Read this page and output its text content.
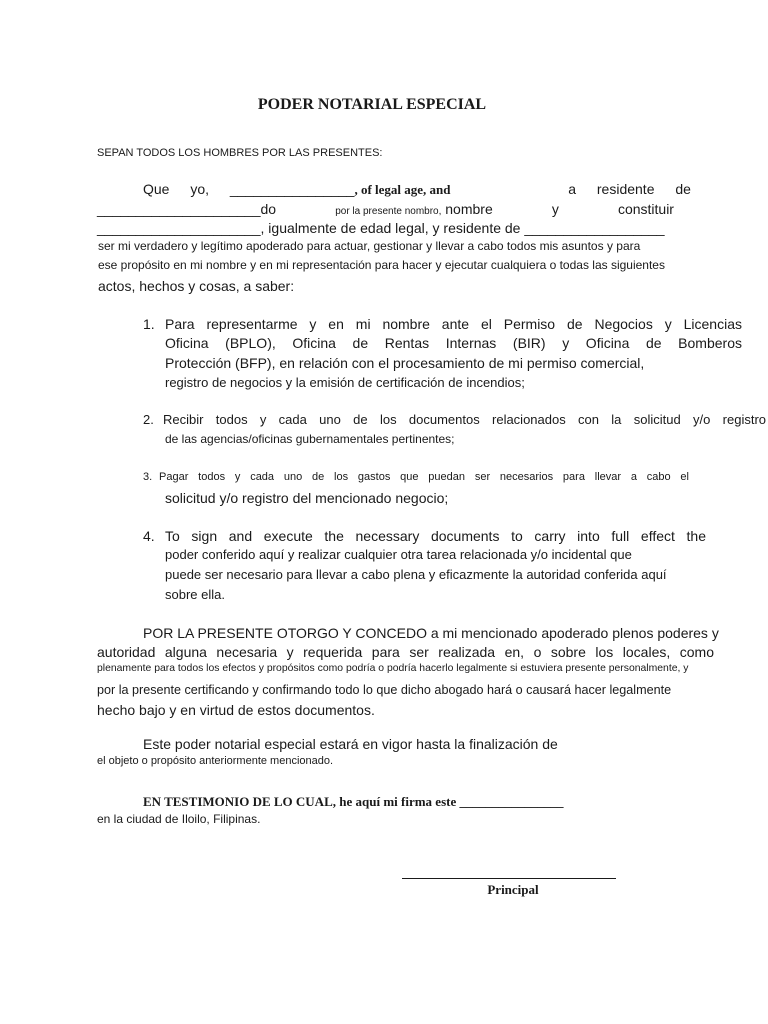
PODER NOTARIAL ESPECIAL
SEPAN TODOS LOS HOMBRES POR LAS PRESENTES:
Que yo, ________________, of legal age, and	a residente de
_____________________do	por la presente nombro, nombre	y	constituir
_____________________, igualmente de edad legal, y residente de __________________
ser mi verdadero y legítimo apoderado para actuar, gestionar y llevar a cabo todos mis asuntos y para
ese propósito en mi nombre y en mi representación para hacer y ejecutar cualquiera o todas las siguientes
actos, hechos y cosas, a saber:
1. Para representarme y en mi nombre ante el Permiso de Negocios y Licencias
Oficina (BPLO), Oficina de Rentas Internas (BIR) y Oficina de Bomberos
Protección (BFP), en relación con el procesamiento de mi permiso comercial,
registro de negocios y la emisión de certificación de incendios;
2. Recibir todos y cada uno de los documentos relacionados con la solicitud y/o registro
de las agencias/oficinas gubernamentales pertinentes;
3. Pagar todos y cada uno de los gastos que puedan ser necesarios para llevar a cabo el
solicitud y/o registro del mencionado negocio;
4. To sign and execute the necessary documents to carry into full effect the
poder conferido aquí y realizar cualquier otra tarea relacionada y/o incidental que
puede ser necesario para llevar a cabo plena y eficazmente la autoridad conferida aquí
sobre ella.
POR LA PRESENTE OTORGO Y CONCEDO a mi mencionado apoderado plenos poderes y
autoridad alguna necesaria y requerida para ser realizada en, o sobre los locales, como
plenamente para todos los efectos y propósitos como podría o podría hacerlo legalmente si estuviera presente personalmente, y
por la presente certificando y confirmando todo lo que dicho abogado hará o causará hacer legalmente
hecho bajo y en virtud de estos documentos.
Este poder notarial especial estará en vigor hasta la finalización de
el objeto o propósito anteriormente mencionado.
EN TESTIMONIO DE LO CUAL, he aquí mi firma este ________________
en la ciudad de Iloilo, Filipinas.
Principal
